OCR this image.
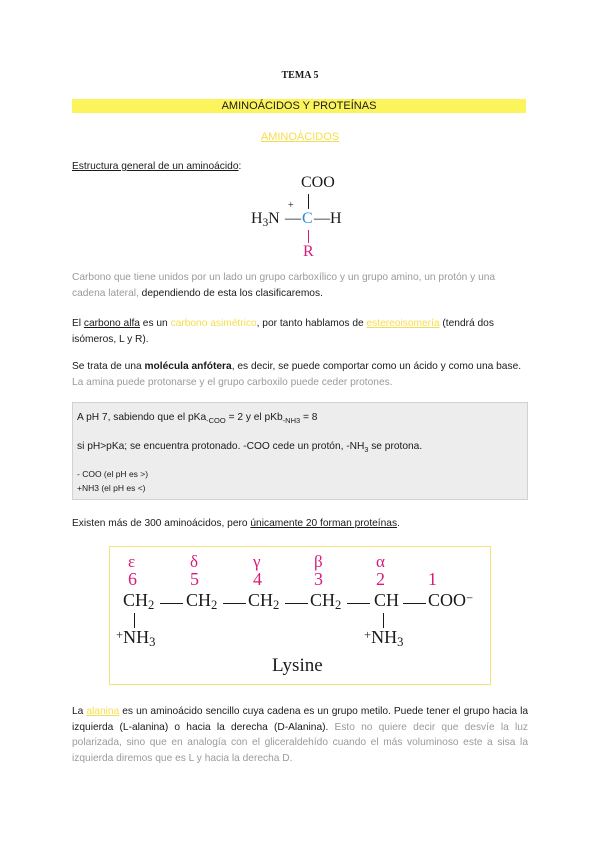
TEMA 5
AMINOÁCIDOS Y PROTEÍNAS
AMINOÁCIDOS
Estructura general de un aminoácido:
COO
+
$H_3N$ — C — H
R
Carbono que tiene unidos por un lado un grupo carboxílico y un grupo amino, un protón y una cadena lateral, dependiendo de esta los clasificaremos.
El carbono alfa es un carbono asimétrico, por tanto hablamos de estereoisomería (tendrá dos isómeros, L y R).
Se trata de una molécula anfótera, es decir, se puede comportar como un ácido y como una base. La amina puede protonarse y el grupo carboxilo puede ceder protones.
A pH 7, sabiendo que el pKa$_{-COO}$ = 2 y el pKb$_{-NH3}$ = 8
si pH>pKa; se encuentra protonado. -COO cede un protón, $-NH_3$ se protona.
- COO (el pH es >)
+NH3 (el pH es <)
Existen más de 300 aminoácidos, pero únicamente 20 forman proteínas.
ε	δ	γ	β	α
6	5	4	3	2 1
$CH_2$ $CH_2$ $CH_2$ $CH_2$ CH COO−
$^+NH_3$	$^+NH_3$
Lysine
La alanina es un aminoácido sencillo cuya cadena es un grupo metilo. Puede tener el grupo hacia la izquierda (L-alanina) o hacia la derecha (D-Alanina). Esto no quiere decir que desvíe la luz polarizada, sino que en analogía con el gliceraldehído cuando el más voluminoso este a sisa la izquierda diremos que es L y hacia la derecha D.
